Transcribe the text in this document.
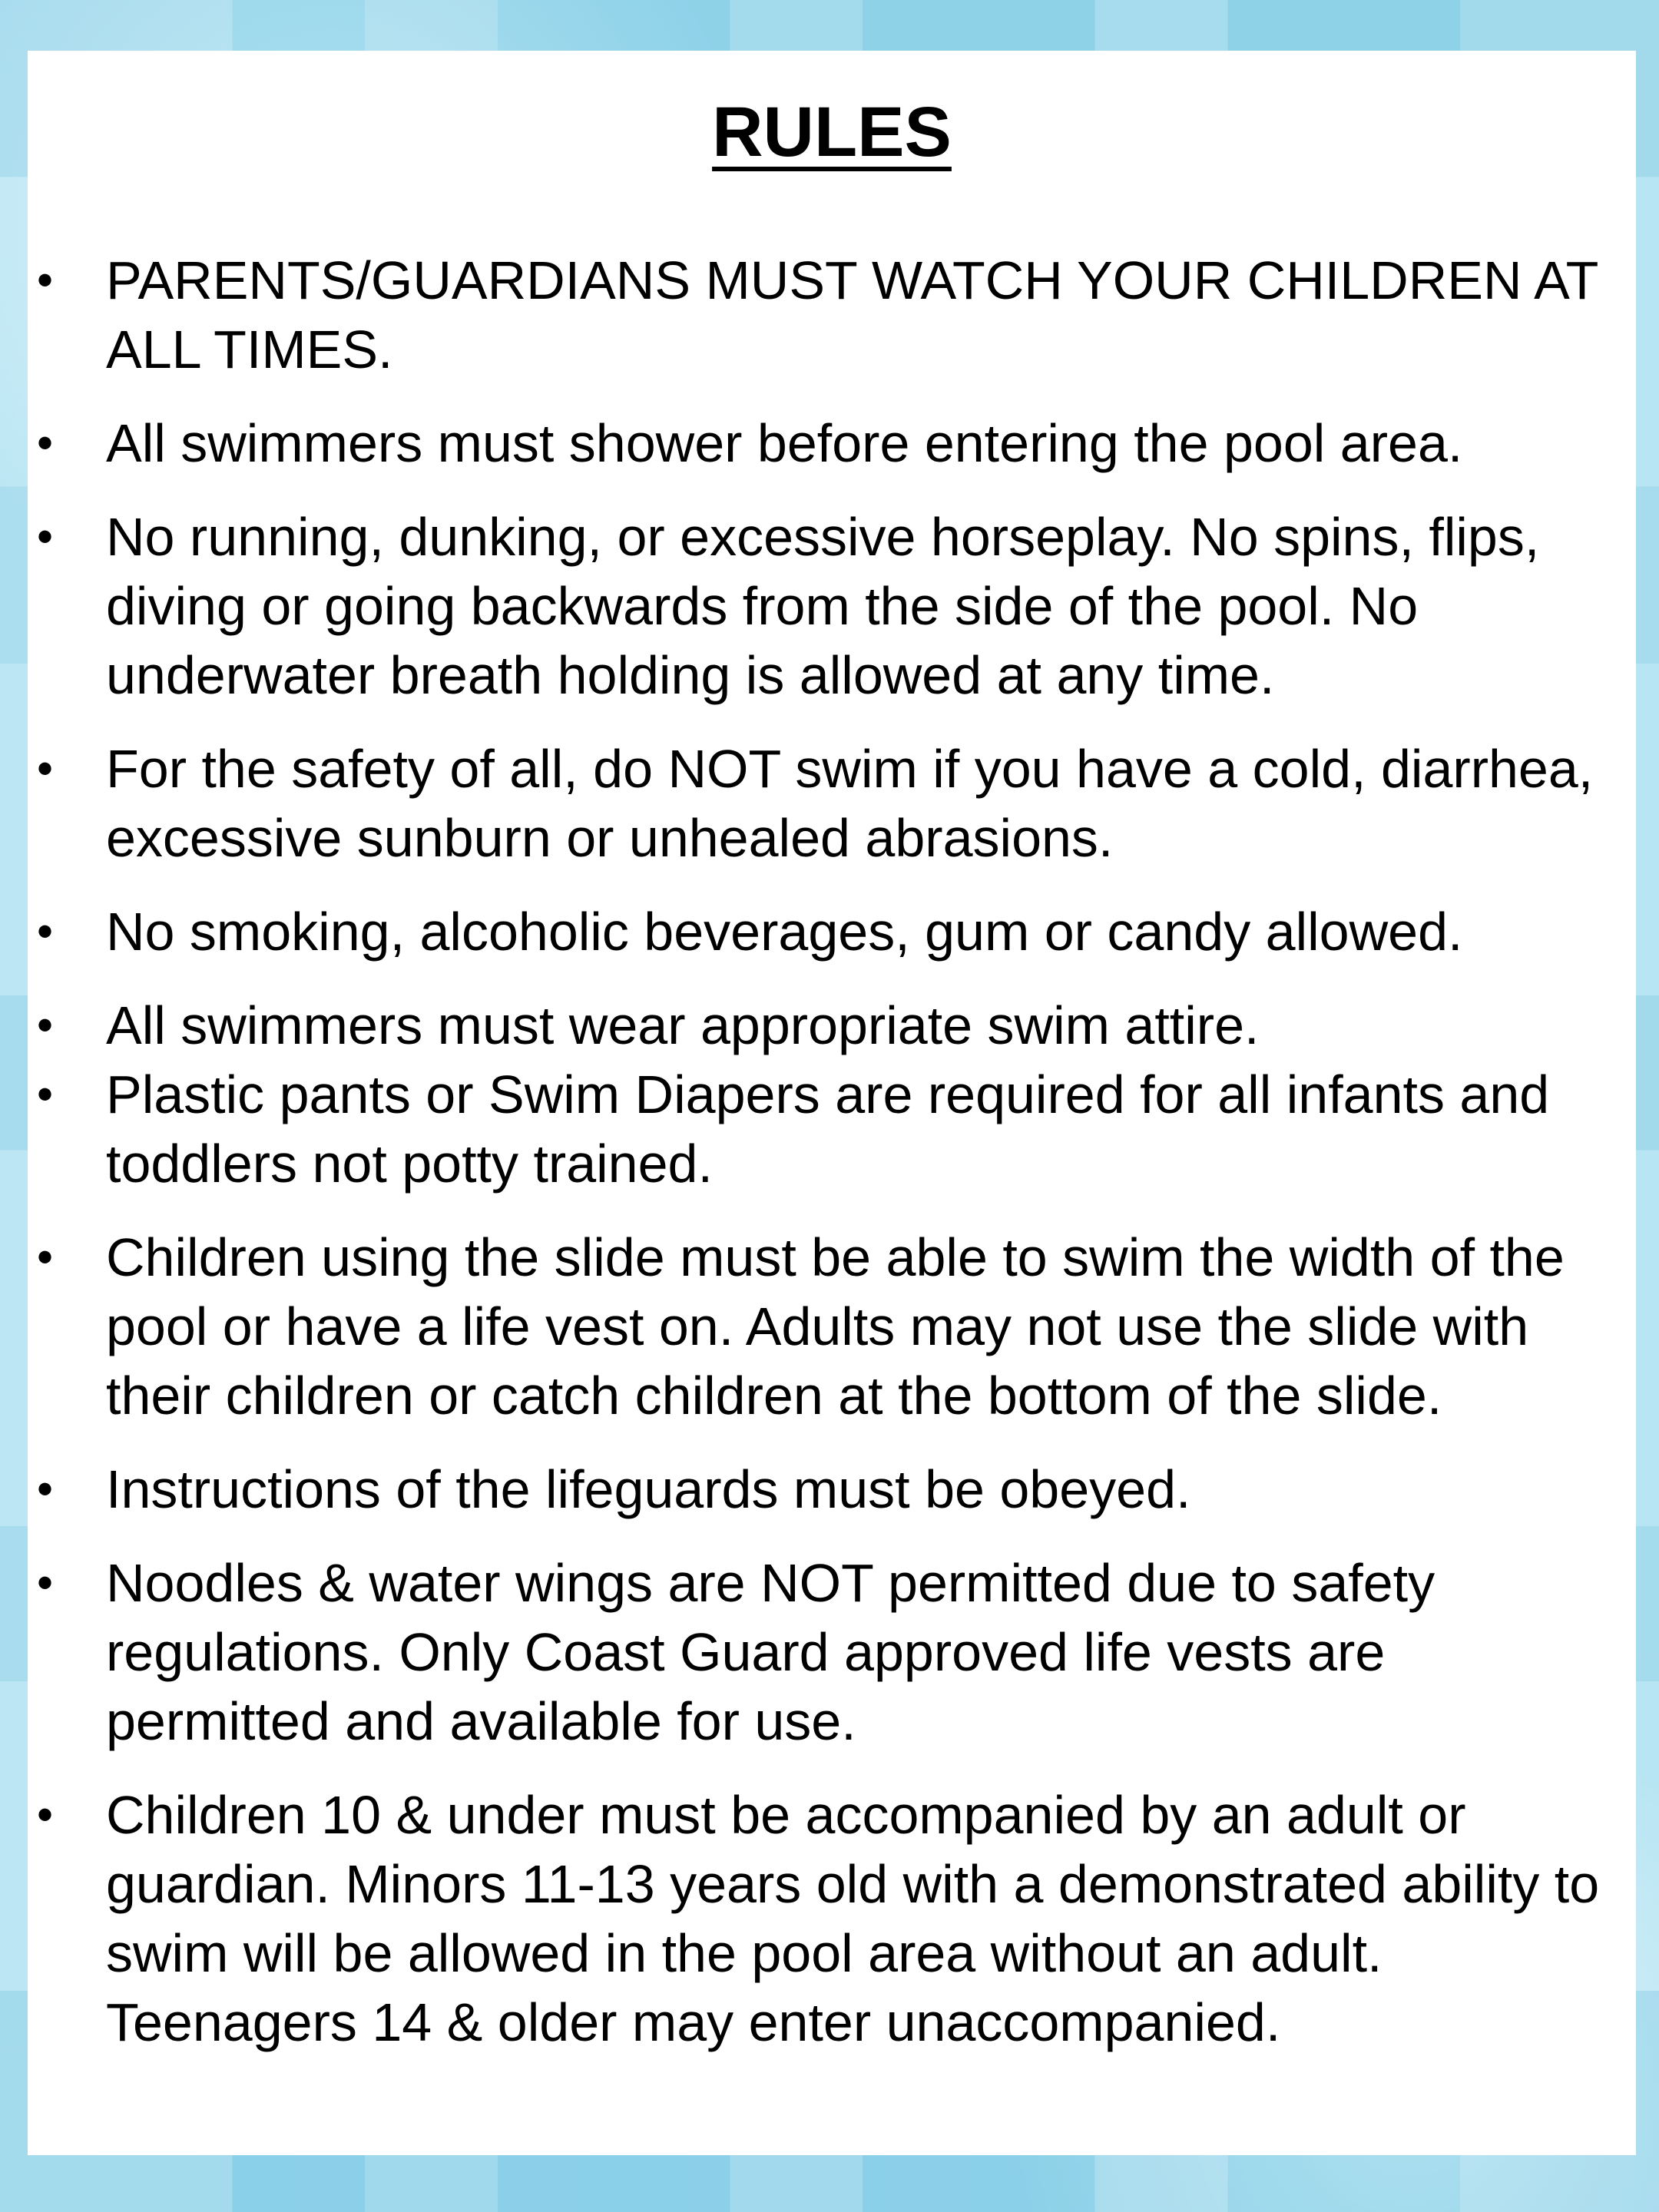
RULES
• PARENTS/GUARDIANS MUST WATCH YOUR CHILDREN AT ALL TIMES.
• All swimmers must shower before entering the pool area.
• No running, dunking, or excessive horseplay. No spins, flips, diving or going backwards from the side of the pool. No underwater breath holding is allowed at any time.
• For the safety of all, do NOT swim if you have a cold, diarrhea, excessive sunburn or unhealed abrasions.
• No smoking, alcoholic beverages, gum or candy allowed.
• All swimmers must wear appropriate swim attire.
• Plastic pants or Swim Diapers are required for all infants and toddlers not potty trained.
• Children using the slide must be able to swim the width of the pool or have a life vest on. Adults may not use the slide with their children or catch children at the bottom of the slide.
• Instructions of the lifeguards must be obeyed.
• Noodles & water wings are NOT permitted due to safety regulations. Only Coast Guard approved life vests are permitted and available for use.
• Children 10 & under must be accompanied by an adult or guardian. Minors 11-13 years old with a demonstrated ability to swim will be allowed in the pool area without an adult. Teenagers 14 & older may enter unaccompanied.
